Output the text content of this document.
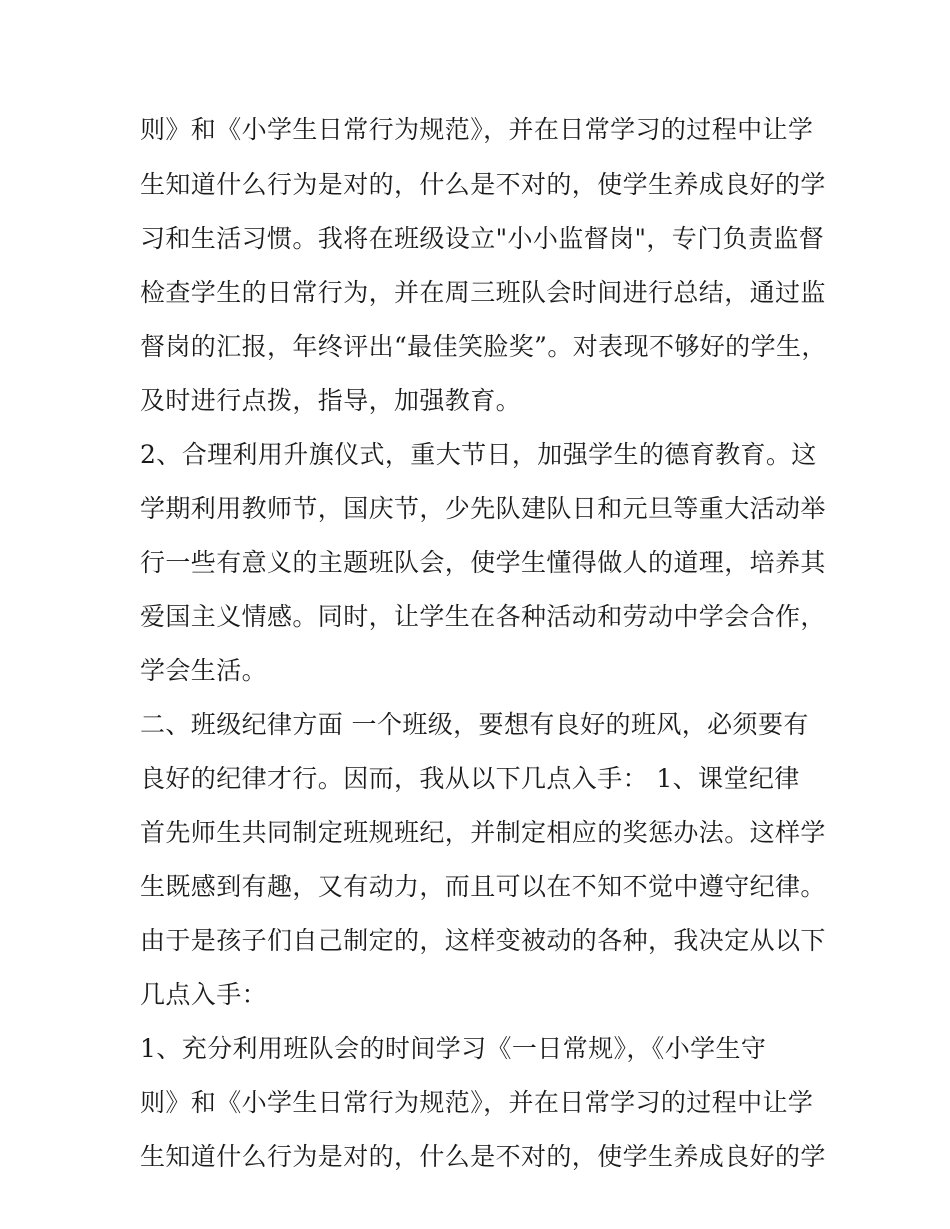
则》和《小学生日常行为规范》，并在日常学习的过程中让学
生知道什么行为是对的，什么是不对的，使学生养成良好的学
习和生活习惯。我将在班级设立"小小监督岗"，专门负责监督
检查学生的日常行为，并在周三班队会时间进行总结，通过监
督岗的汇报，年终评出“最佳笑脸奖”。对表现不够好的学生，
及时进行点拨，指导，加强教育。
2、合理利用升旗仪式，重大节日，加强学生的德育教育。这
学期利用教师节，国庆节，少先队建队日和元旦等重大活动举
行一些有意义的主题班队会，使学生懂得做人的道理，培养其
爱国主义情感。同时，让学生在各种活动和劳动中学会合作，
学会生活。
二、班级纪律方面 一个班级，要想有良好的班风，必须要有
良好的纪律才行。因而，我从以下几点入手： 1、课堂纪律
首先师生共同制定班规班纪，并制定相应的奖惩办法。这样学
生既感到有趣，又有动力，而且可以在不知不觉中遵守纪律。
由于是孩子们自己制定的，这样变被动的各种，我决定从以下
几点入手：
1、充分利用班队会的时间学习《一日常规》，《小学生守
则》和《小学生日常行为规范》，并在日常学习的过程中让学
生知道什么行为是对的，什么是不对的，使学生养成良好的学
